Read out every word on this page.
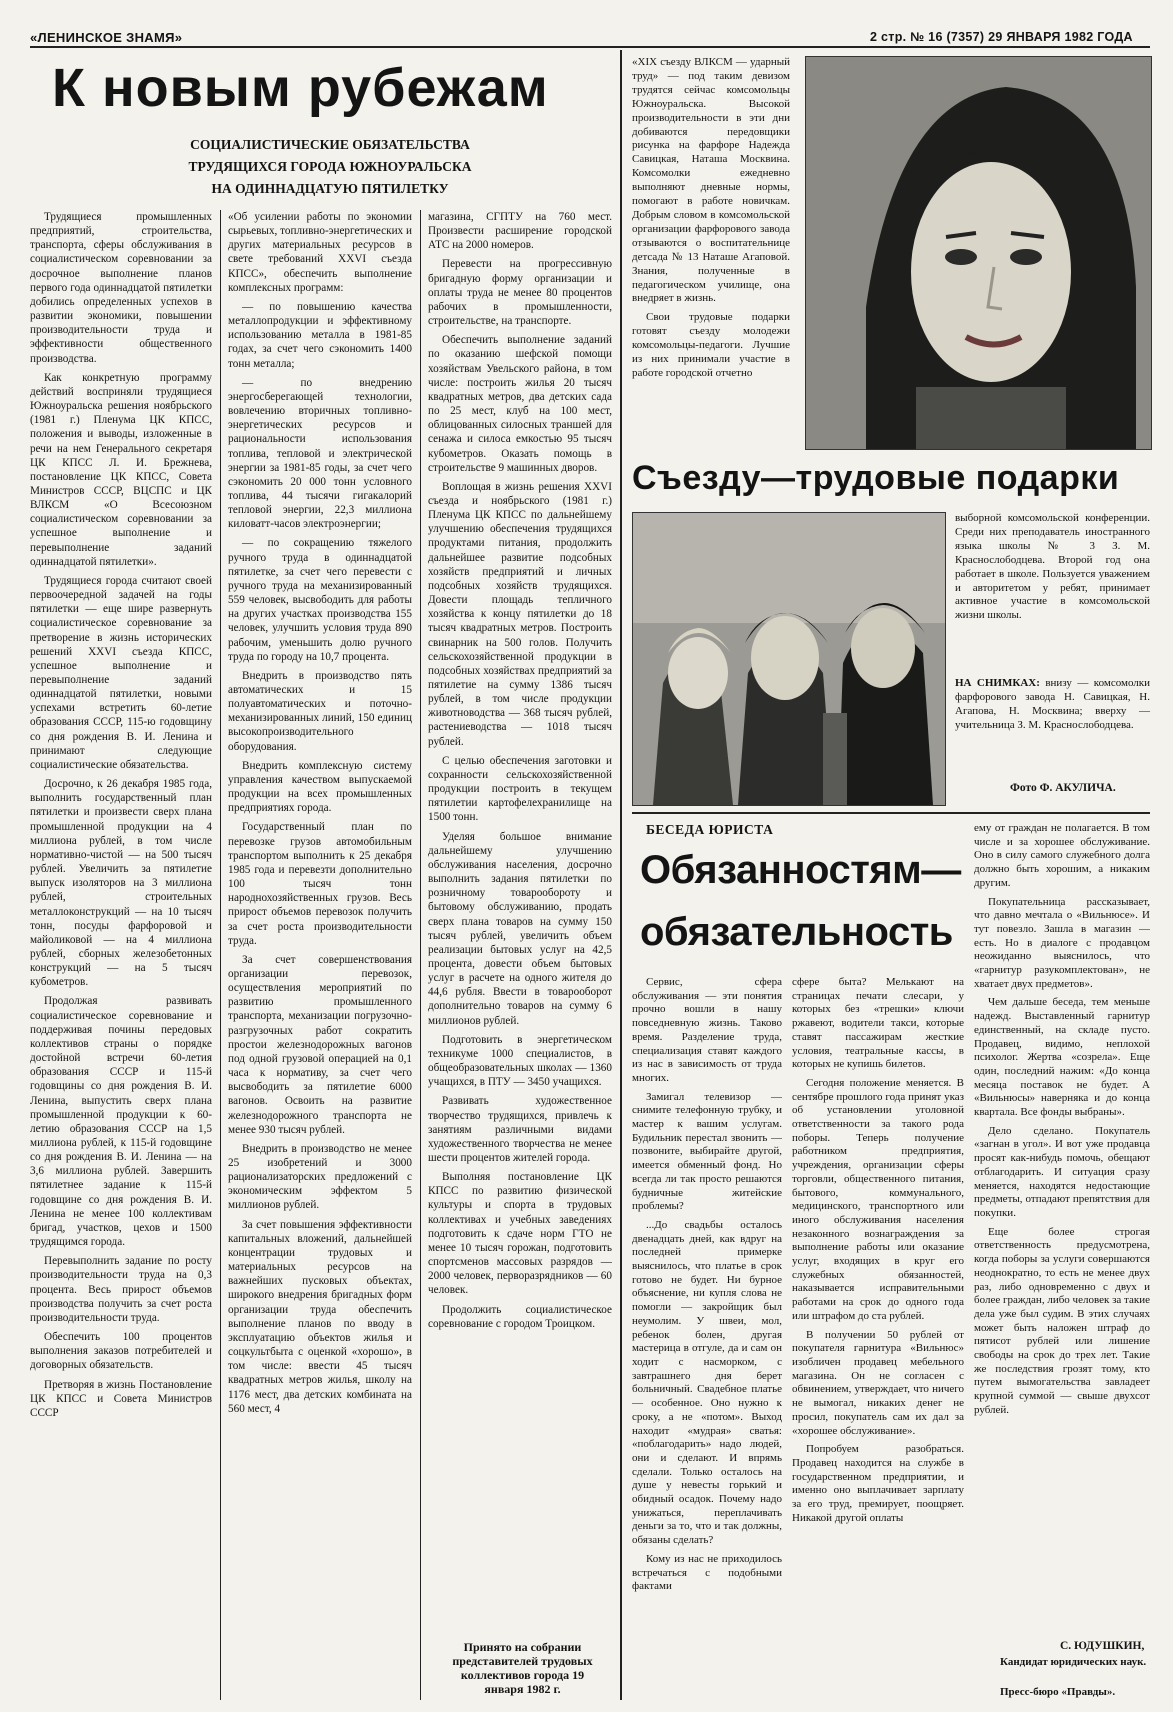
«ЛЕНИНСКОЕ ЗНАМЯ»	2 стр. № 16 (7357) 29 ЯНВАРЯ 1982 ГОДА
К новым рубежам
СОЦИАЛИСТИЧЕСКИЕ ОБЯЗАТЕЛЬСТВА
ТРУДЯЩИХСЯ ГОРОДА ЮЖНОУРАЛЬСКА
НА ОДИННАДЦАТУЮ ПЯТИЛЕТКУ

Трудящиеся промышленных предприятий, строительства, транспорта, сферы обслуживания в социалистическом соревновании за досрочное выполнение планов первого года одиннадцатой пятилетки добились определенных успехов в развитии экономики, повышении производительности труда и эффективности общественного производства.

Как конкретную программу действий восприняли трудящиеся Южноуральска решения ноябрьского (1981 г.) Пленума ЦК КПСС, положения и выводы, изложенные в речи на нем Генерального секретаря ЦК КПСС Л. И. Брежнева, постановление ЦК КПСС, Совета Министров СССР, ВЦСПС и ЦК ВЛКСМ «О Всесоюзном социалистическом соревновании за успешное выполнение и перевыполнение заданий одиннадцатой пятилетки».

Трудящиеся города считают своей первоочередной задачей на годы пятилетки — еще шире развернуть социалистическое соревнование за претворение в жизнь исторических решений XXVI съезда КПСС, успешное выполнение и перевыполнение заданий одиннадцатой пятилетки, новыми успехами встретить 60-летие образования СССР, 115-ю годовщину со дня рождения В. И. Ленина и принимают следующие социалистические обязательства.

Досрочно, к 26 декабря 1985 года, выполнить государственный план пятилетки и произвести сверх плана промышленной продукции на 4 миллиона рублей, в том числе нормативно-чистой — на 500 тысяч рублей. Увеличить за пятилетие выпуск изоляторов на 3 миллиона рублей, строительных металлоконструкций — на 10 тысяч тонн, посуды фарфоровой и майоликовой — на 4 миллиона рублей, сборных железобетонных конструкций — на 5 тысяч кубометров.

Продолжая развивать социалистическое соревнование и поддерживая почины передовых коллективов страны о порядке достойной встречи 60-летия образования СССР и 115-й годовщины со дня рождения В. И. Ленина, выпустить сверх плана промышленной продукции к 60-летию образования СССР на 1,5 миллиона рублей, к 115-й годовщине со дня рождения В. И. Ленина — на 3,6 миллиона рублей. Завершить пятилетнее задание к 115-й годовщине со дня рождения В. И. Ленина не менее 100 коллективам бригад, участков, цехов и 1500 трудящимся города.

Перевыполнить задание по росту производительности труда на 0,3 процента. Весь прирост объемов производства получить за счет роста производительности труда.

Обеспечить 100 процентов выполнения заказов потребителей и договорных обязательств.

Претворяя в жизнь Постановление ЦК КПСС и Совета Министров СССР

«Об усилении работы по экономии сырьевых, топливно-энергетических и других материальных ресурсов в свете требований XXVI съезда КПСС», обеспечить выполнение комплексных программ:

— по повышению качества металлопродукции и эффективному использованию металла в 1981-85 годах, за счет чего сэкономить 1400 тонн металла;

— по внедрению энергосберегающей технологии, вовлечению вторичных топливно-энергетических ресурсов и рациональности использования топлива, тепловой и электрической энергии за 1981-85 годы, за счет чего сэкономить 20 000 тонн условного топлива, 44 тысячи гигакалорий тепловой энергии, 22,3 миллиона киловатт-часов электроэнергии;

— по сокращению тяжелого ручного труда в одиннадцатой пятилетке, за счет чего перевести с ручного труда на механизированный 559 человек, высвободить для работы на других участках производства 155 человек, улучшить условия труда 890 рабочим, уменьшить долю ручного труда по городу на 10,7 процента.

Внедрить в производство пять автоматических и 15 полуавтоматических и поточно-механизированных линий, 150 единиц высокопроизводительного оборудования.

Внедрить комплексную систему управления качеством выпускаемой продукции на всех промышленных предприятиях города.

Государственный план по перевозке грузов автомобильным транспортом выполнить к 25 декабря 1985 года и перевезти дополнительно 100 тысяч тонн народнохозяйственных грузов. Весь прирост объемов перевозок получить за счет роста производительности труда.

За счет совершенствования организации перевозок, осуществления мероприятий по развитию промышленного транспорта, механизации погрузочно-разгрузочных работ сократить простои железнодорожных вагонов под одной грузовой операцией на 0,1 часа к нормативу, за счет чего высвободить за пятилетие 6000 вагонов. Освоить на развитие железнодорожного транспорта не менее 930 тысяч рублей.

Внедрить в производство не менее 25 изобретений и 3000 рационализаторских предложений с экономическим эффектом 5 миллионов рублей.

За счет повышения эффективности капитальных вложений, дальнейшей концентрации трудовых и материальных ресурсов на важнейших пусковых объектах, широкого внедрения бригадных форм организации труда обеспечить выполнение планов по вводу в эксплуатацию объектов жилья и соцкультбыта с оценкой «хорошо», в том числе: ввести 45 тысяч квадратных метров жилья, школу на 1176 мест, два детских комбината на 560 мест, 4

магазина, СГПТУ на 760 мест. Произвести расширение городской АТС на 2000 номеров.

Перевести на прогрессивную бригадную форму организации и оплаты труда не менее 80 процентов рабочих в промышленности, строительстве, на транспорте.

Обеспечить выполнение заданий по оказанию шефской помощи хозяйствам Увельского района, в том числе: построить жилья 20 тысяч квадратных метров, два детских сада по 25 мест, клуб на 100 мест, облицованных силосных траншей для сенажа и силоса емкостью 95 тысяч кубометров. Оказать помощь в строительстве 9 машинных дворов.

Воплощая в жизнь решения XXVI съезда и ноябрьского (1981 г.) Пленума ЦК КПСС по дальнейшему улучшению обеспечения трудящихся продуктами питания, продолжить дальнейшее развитие подсобных хозяйств предприятий и личных подсобных хозяйств трудящихся. Довести площадь тепличного хозяйства к концу пятилетки до 18 тысяч квадратных метров. Построить свинарник на 500 голов. Получить сельскохозяйственной продукции в подсобных хозяйствах предприятий за пятилетие на сумму 1386 тысяч рублей, в том числе продукции животноводства — 368 тысяч рублей, растениеводства — 1018 тысяч рублей.

С целью обеспечения заготовки и сохранности сельскохозяйственной продукции построить в текущем пятилетии картофелехранилище на 1500 тонн.

Уделяя большое внимание дальнейшему улучшению обслуживания населения, досрочно выполнить задания пятилетки по розничному товарообороту и бытовому обслуживанию, продать сверх плана товаров на сумму 150 тысяч рублей, увеличить объем реализации бытовых услуг на 42,5 процента, довести объем бытовых услуг в расчете на одного жителя до 44,6 рубля. Ввести в товарооборот дополнительно товаров на сумму 6 миллионов рублей.

Подготовить в энергетическом техникуме 1000 специалистов, в общеобразовательных школах — 1360 учащихся, в ПТУ — 3450 учащихся.

Развивать художественное творчество трудящихся, привлечь к занятиям различными видами художественного творчества не менее шести процентов жителей города.

Выполняя постановление ЦК КПСС по развитию физической культуры и спорта в трудовых коллективах и учебных заведениях подготовить к сдаче норм ГТО не менее 10 тысяч горожан, подготовить спортсменов массовых разрядов — 2000 человек, перворазрядников — 60 человек.

Продолжить социалистическое соревнование с городом Троицком.

Принято на собрании представителей трудовых коллективов города 19 января 1982 г.

«XIX съезду ВЛКСМ — ударный труд» — под таким девизом трудятся сейчас комсомольцы Южноуральска. Высокой производительности в эти дни добиваются передовщики рисунка на фарфоре Надежда Савицкая, Наташа Москвина. Комсомолки ежедневно выполняют дневные нормы, помогают в работе новичкам. Добрым словом в комсомольской организации фарфорового завода отзываются о воспитательнице детсада № 13 Наташе Агаповой. Знания, полученные в педагогическом училище, она внедряет в жизнь.

Свои трудовые подарки готовят съезду молодежи комсомольцы-педагоги. Лучшие из них принимали участие в работе городской отчетно

Съезду—трудовые подарки

выборной комсомольской конференции. Среди них преподаватель иностранного языка школы № 3 З. М. Краснослободцева. Второй год она работает в школе. Пользуется уважением и авторитетом у ребят, принимает активное участие в комсомольской жизни школы.

НА СНИМКАХ: внизу — комсомолки фарфорового завода Н. Савицкая, Н. Агапова, Н. Москвина; вверху — учительница З. М. Краснослободцева.
Фото Ф. АКУЛИЧА.
БЕСЕДА ЮРИСТА
Обязанностям—
обязательность

Сервис, сфера обслуживания — эти понятия прочно вошли в нашу повседневную жизнь. Таково время. Разделение труда, специализация ставят каждого из нас в зависимость от труда многих.

Замигал телевизор — снимите телефонную трубку, и мастер к вашим услугам. Будильник перестал звонить — позвоните, выбирайте другой, имеется обменный фонд. Но всегда ли так просто решаются будничные житейские проблемы?

...До свадьбы осталось двенадцать дней, как вдруг на последней примерке выяснилось, что платье в срок готово не будет. Ни бурное объяснение, ни купля слова не помогли — закройщик был неумолим. У швеи, мол, ребенок болен, другая мастерица в отгуле, да и сам он ходит с насморком, с завтрашнего дня берет больничный. Свадебное платье — особенное. Оно нужно к сроку, а не «потом». Выход находит «мудрая» сватья: «поблагодарить» надо людей, они и сделают. И впрямь сделали. Только осталось на душе у невесты горький и обидный осадок. Почему надо унижаться, переплачивать деньги за то, что и так должны, обязаны сделать?

Кому из нас не приходилось встречаться с подобными фактами

сфере быта? Мелькают на страницах печати слесари, у которых без «трешки» ключи ржавеют, водители такси, которые ставят пассажирам жесткие условия, театральные кассы, в которых не купишь билетов.

Сегодня положение меняется. В сентябре прошлого года принят указ об установлении уголовной ответственности за такого рода поборы. Теперь получение работником предприятия, учреждения, организации сферы торговли, общественного питания, бытового, коммунального, медицинского, транспортного или иного обслуживания населения незаконного вознаграждения за выполнение работы или оказание услуг, входящих в круг его служебных обязанностей, наказывается исправительными работами на срок до одного года или штрафом до ста рублей.

В получении 50 рублей от покупателя гарнитура «Вильнюс» изобличен продавец мебельного магазина. Он не согласен с обвинением, утверждает, что ничего не вымогал, никаких денег не просил, покупатель сам их дал за «хорошее обслуживание».

Попробуем разобраться. Продавец находится на службе в государственном предприятии, и именно оно выплачивает зарплату за его труд, премирует, поощряет. Никакой другой оплаты

ему от граждан не полагается. В том числе и за хорошее обслуживание. Оно в силу самого служебного долга должно быть хорошим, а никаким другим.

Покупательница рассказывает, что давно мечтала о «Вильнюсе». И тут повезло. Зашла в магазин — есть. Но в диалоге с продавцом неожиданно выяснилось, что «гарнитур разукомплектован», не хватает двух предметов».

Чем дальше беседа, тем меньше надежд. Выставленный гарнитур единственный, на складе пусто. Продавец, видимо, неплохой психолог. Жертва «созрела». Еще один, последний нажим: «До конца месяца поставок не будет. А «Вильнюсы» наверняка и до конца квартала. Все фонды выбраны».

Дело сделано. Покупатель «загнан в угол». И вот уже продавца просят как-нибудь помочь, обещают отблагодарить. И ситуация сразу меняется, находятся недостающие предметы, отпадают препятствия для покупки.

Еще более строгая ответственность предусмотрена, когда поборы за услуги совершаются неоднократно, то есть не менее двух раз, либо одновременно с двух и более граждан, либо человек за такие дела уже был судим. В этих случаях может быть наложен штраф до пятисот рублей или лишение свободы на срок до трех лет. Такие же последствия грозят тому, кто путем вымогательства завладеет крупной суммой — свыше двухсот рублей.

С. ЮДУШКИН,
Кандидат юридических наук.
Пресс-бюро «Правды».
